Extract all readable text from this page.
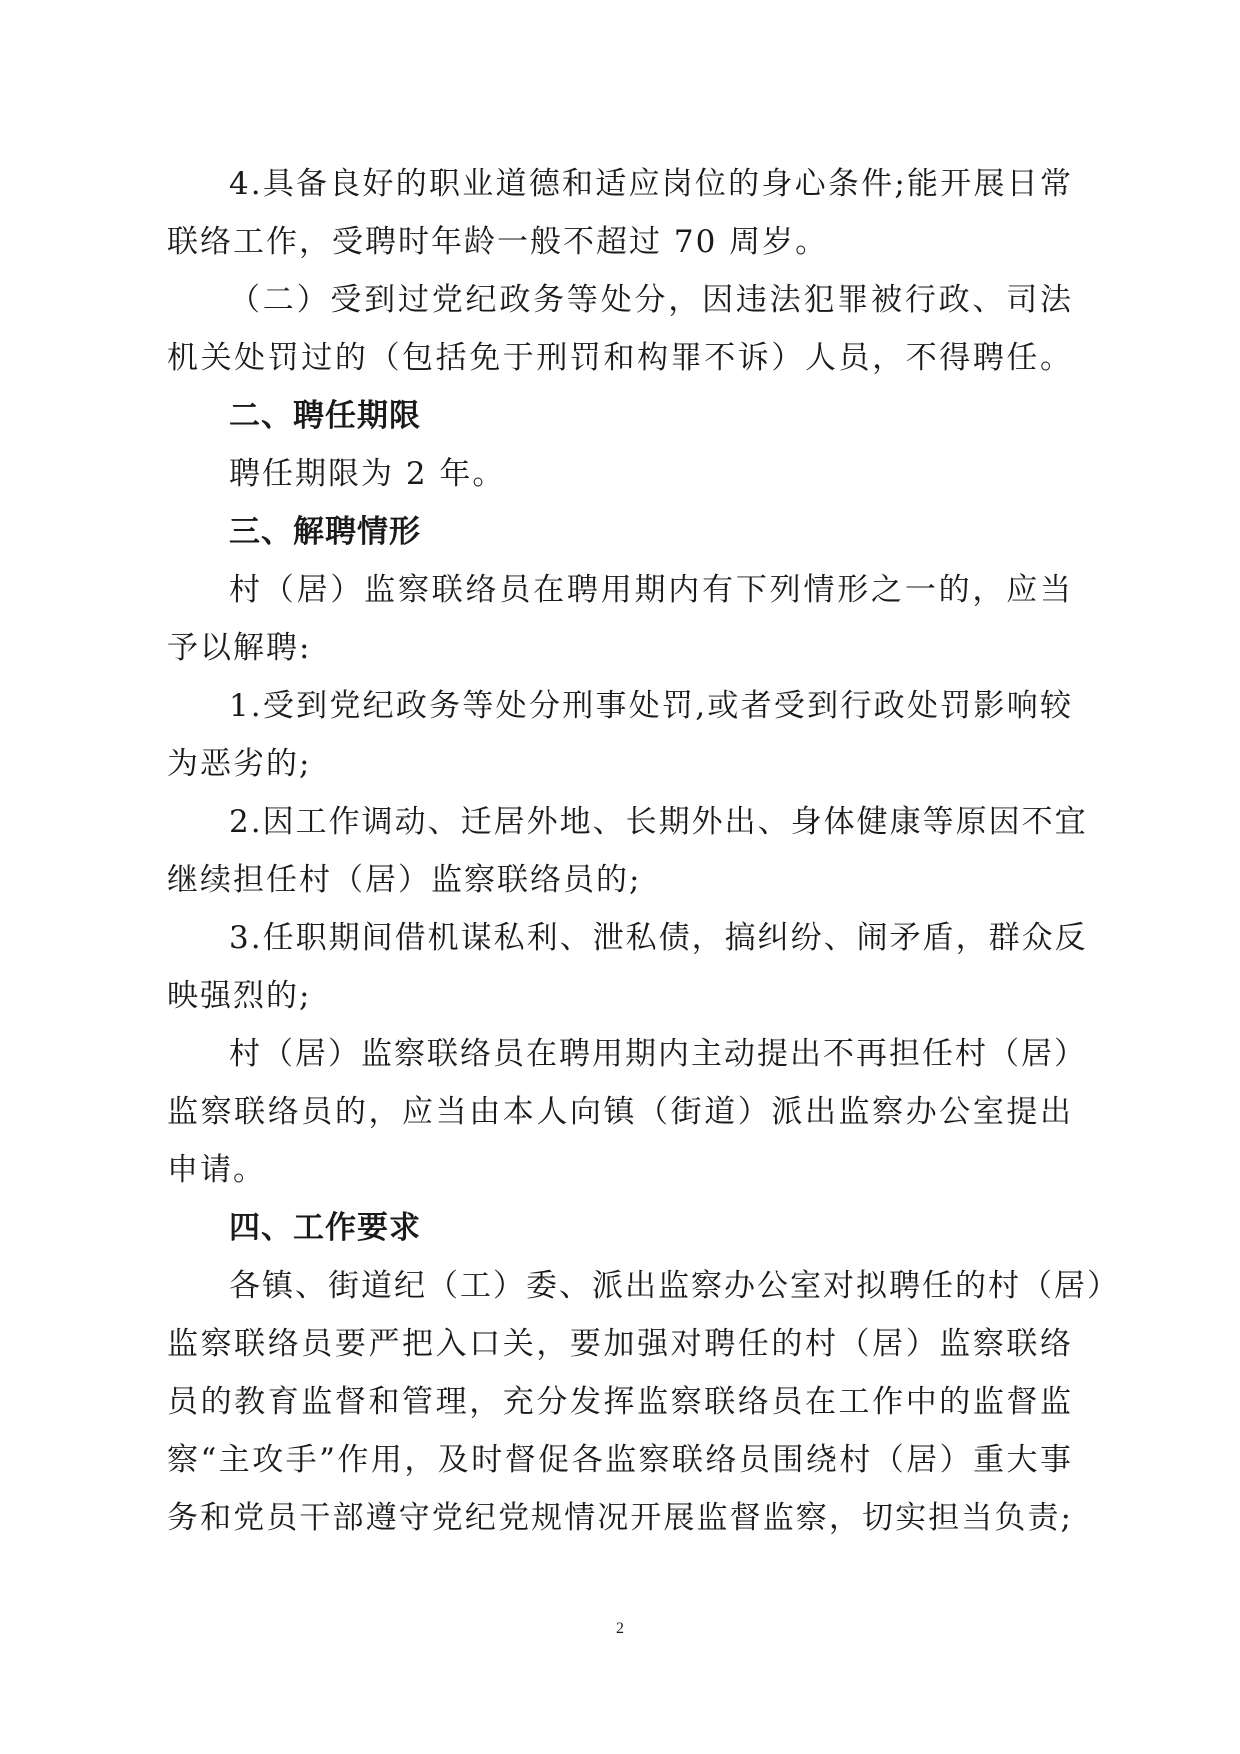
4.具备良好的职业道德和适应岗位的身心条件;能开展日常
联络工作，受聘时年龄一般不超过 70 周岁。
（二）受到过党纪政务等处分，因违法犯罪被行政、司法
机关处罚过的（包括免于刑罚和构罪不诉）人员，不得聘任。
二、聘任期限
聘任期限为 2 年。
三、解聘情形
村（居）监察联络员在聘用期内有下列情形之一的，应当
予以解聘:
1.受到党纪政务等处分刑事处罚,或者受到行政处罚影响较
为恶劣的;
2.因工作调动、迁居外地、长期外出、身体健康等原因不宜
继续担任村（居）监察联络员的;
3.任职期间借机谋私利、泄私债，搞纠纷、闹矛盾，群众反
映强烈的;
村（居）监察联络员在聘用期内主动提出不再担任村（居）
监察联络员的，应当由本人向镇（街道）派出监察办公室提出
申请。
四、工作要求
各镇、街道纪（工）委、派出监察办公室对拟聘任的村（居）
监察联络员要严把入口关，要加强对聘任的村（居）监察联络
员的教育监督和管理，充分发挥监察联络员在工作中的监督监
察“主攻手”作用，及时督促各监察联络员围绕村（居）重大事
务和党员干部遵守党纪党规情况开展监督监察，切实担当负责;
2
